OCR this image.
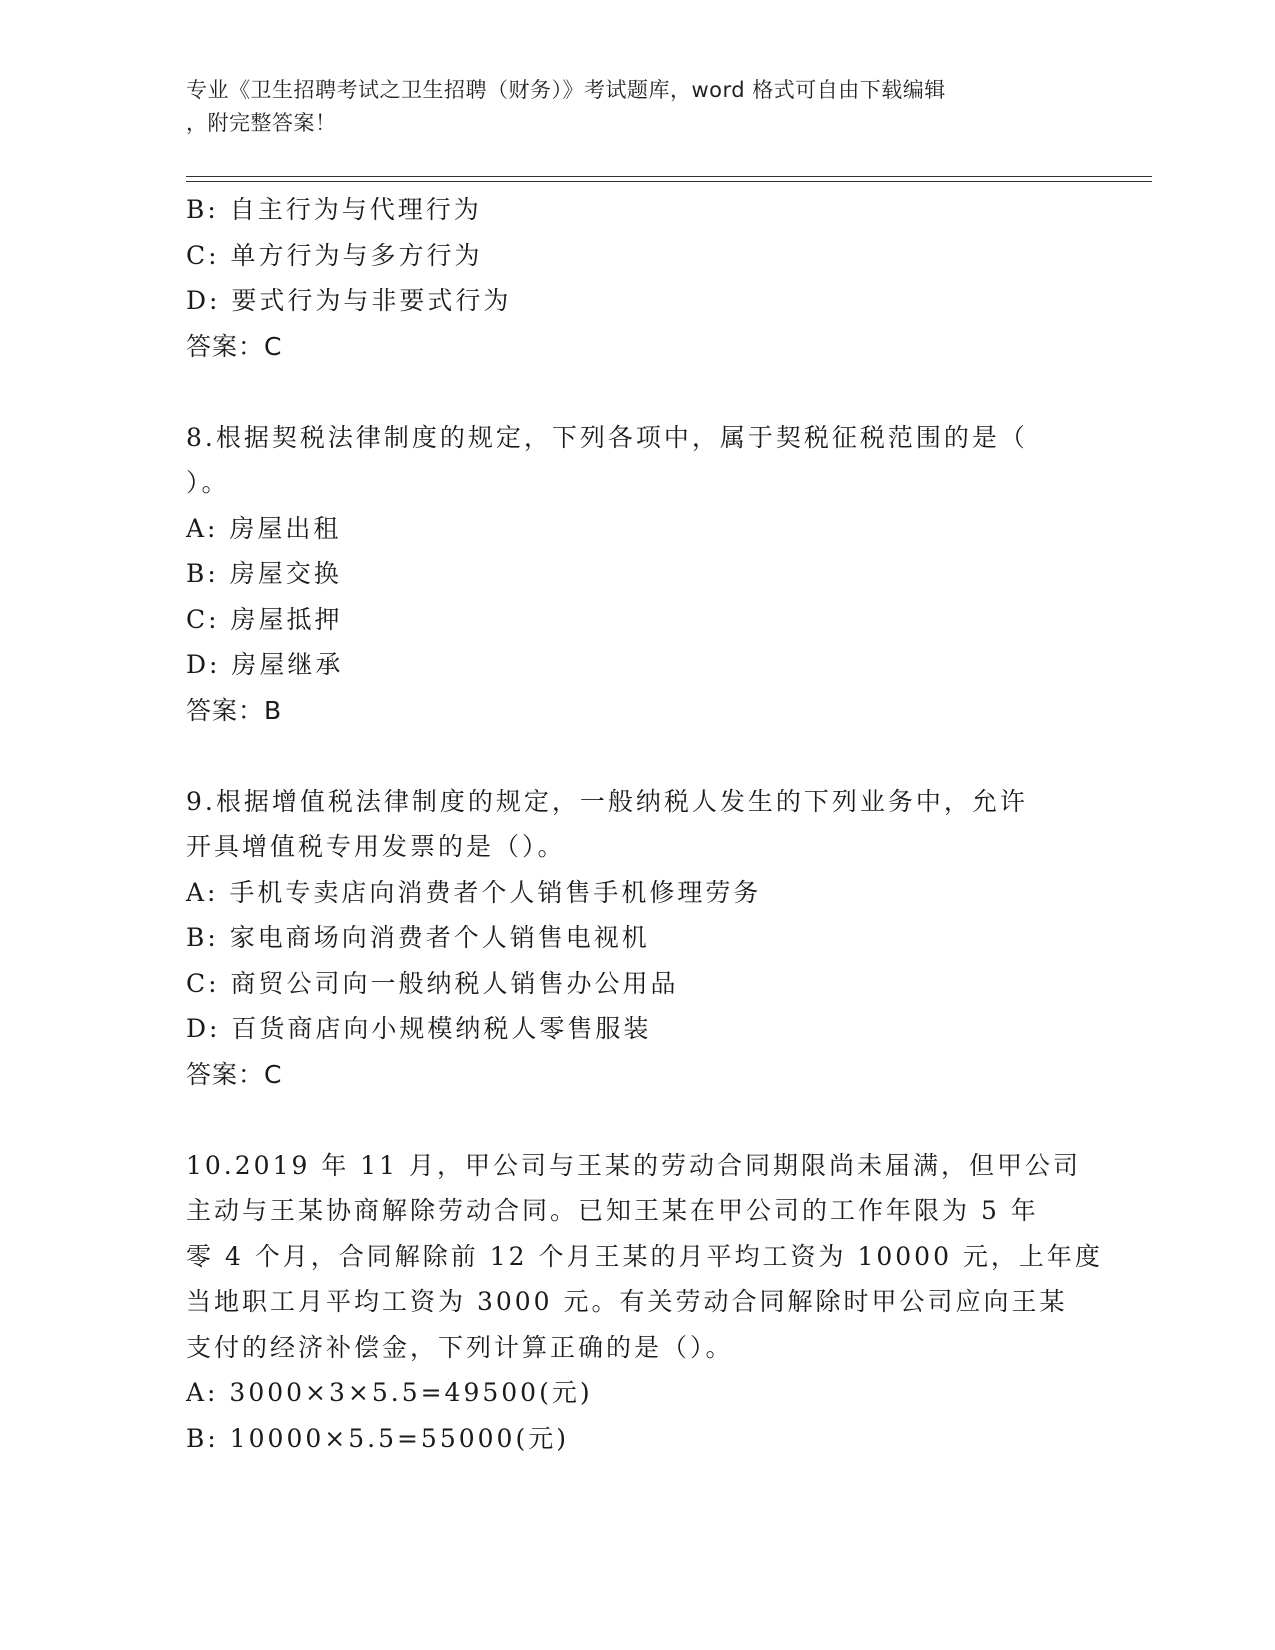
专业《卫生招聘考试之卫生招聘（财务）》考试题库，word 格式可自由下载编辑
，附完整答案！
B: 自主行为与代理行为
C: 单方行为与多方行为
D: 要式行为与非要式行为
答案：C
8.根据契税法律制度的规定，下列各项中，属于契税征税范围的是（
）。
A: 房屋出租
B: 房屋交换
C: 房屋抵押
D: 房屋继承
答案：B
9.根据增值税法律制度的规定，一般纳税人发生的下列业务中，允许
开具增值税专用发票的是（）。
A: 手机专卖店向消费者个人销售手机修理劳务
B: 家电商场向消费者个人销售电视机
C: 商贸公司向一般纳税人销售办公用品
D: 百货商店向小规模纳税人零售服装
答案：C
10.2019 年 11 月，甲公司与王某的劳动合同期限尚未届满，但甲公司
主动与王某协商解除劳动合同。已知王某在甲公司的工作年限为 5 年
零 4 个月，合同解除前 12 个月王某的月平均工资为 10000 元，上年度
当地职工月平均工资为 3000 元。有关劳动合同解除时甲公司应向王某
支付的经济补偿金，下列计算正确的是（）。
A: 3000×3×5.5=49500(元)
B: 10000×5.5=55000(元)
